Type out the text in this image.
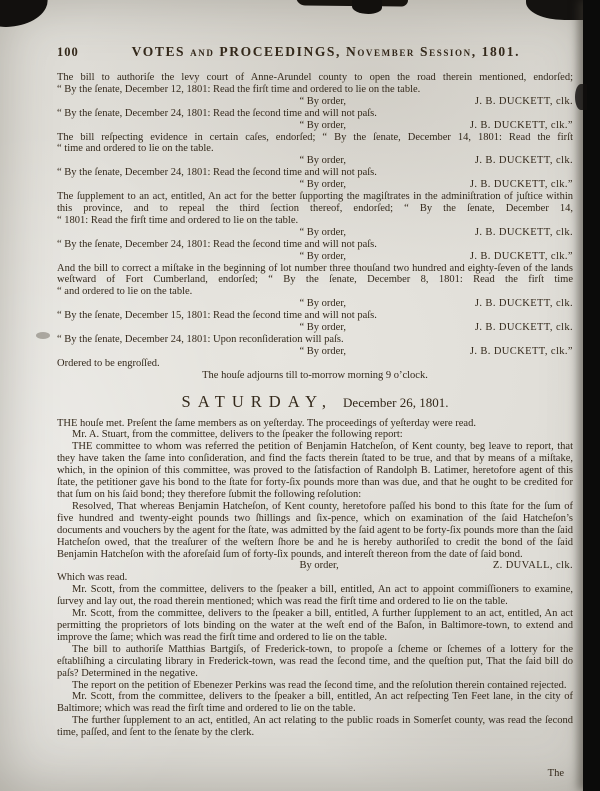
100	VOTES and PROCEEDINGS, November Seſſion, 1801.

The bill to authoriſe the levy court of Anne-Arundel county to open the road therein mentioned, endorſed;

“ By the ſenate, December 12, 1801: Read the firſt time and ordered to lie on the table.

“ By order,	J. B. DUCKETT, clk.

“ By the ſenate, December 24, 1801: Read the ſecond time and will not paſs.

“ By order,	J. B. DUCKETT, clk.”

The bill reſpecting evidence in certain caſes, endorſed; “ By the ſenate, December 14, 1801: Read the firſt

“ time and ordered to lie on the table.

“ By order,	J. B. DUCKETT, clk.

“ By the ſenate, December 24, 1801: Read the ſecond time and will not paſs.

“ By order,	J. B. DUCKETT, clk.”

The ſupplement to an act, entitled, An act for the better ſupporting the magiſtrates in the adminiſtration of juſtice within this province, and to repeal the third ſection thereof, endorſed; “ By the ſenate, December 14,

“ 1801: Read the firſt time and ordered to lie on the table.

“ By order,	J. B. DUCKETT, clk.

“ By the ſenate, December 24, 1801: Read the ſecond time and will not paſs.

“ By order,	J. B. DUCKETT, clk.”

And the bill to correct a miſtake in the beginning of lot number three thouſand two hundred and eighty-ſeven of the lands weſtward of Fort Cumberland, endorſed; “ By the ſenate, December 8, 1801: Read the firſt time

“ and ordered to lie on the table.

“ By order,	J. B. DUCKETT, clk.

“ By the ſenate, December 15, 1801: Read the ſecond time and will not paſs.

“ By order,	J. B. DUCKETT, clk.

“ By the ſenate, December 24, 1801: Upon reconſideration will paſs.

“ By order,	J. B. DUCKETT, clk.”

Ordered to be engroſſed.

The houſe adjourns till to-morrow morning 9 o’clock.

SATURDAY, December 26, 1801.

THE houſe met. Preſent the ſame members as on yeſterday. The proceedings of yeſterday were read.

Mr. A. Stuart, from the committee, delivers to the ſpeaker the following report:

THE committee to whom was referred the petition of Benjamin Hatcheſon, of Kent county, beg leave to report, that they have taken the ſame into conſideration, and find the facts therein ſtated to be true, and that by means of a miſtake, which, in the opinion of this committee, was proved to the ſatisfaction of Randolph B. Latimer, heretofore agent of this ſtate, the petitioner gave his bond to the ſtate for forty-ſix pounds more than was due, and that he ought to be credited for that ſum on his ſaid bond; they therefore ſubmit the following reſolution:

Resolved, That whereas Benjamin Hatcheſon, of Kent county, heretofore paſſed his bond to this ſtate for the ſum of five hundred and twenty-eight pounds two ſhillings and ſix-pence, which on examination of the ſaid Hatcheſon’s documents and vouchers by the agent for the ſtate, was admitted by the ſaid agent to be forty-ſix pounds more than the ſaid Hatcheſon owed, that the treaſurer of the weſtern ſhore be and he is hereby authoriſed to credit the bond of the ſaid Benjamin Hatcheſon with the aforeſaid ſum of forty-ſix pounds, and intereſt thereon from the date of ſaid bond.

By order,	Z. DUVALL, clk.

Which was read.

Mr. Scott, from the committee, delivers to the ſpeaker a bill, entitled, An act to appoint commiſſioners to examine, ſurvey and lay out, the road therein mentioned; which was read the firſt time and ordered to lie on the table.

Mr. Scott, from the committee, delivers to the ſpeaker a bill, entitled, A further ſupplement to an act, entitled, An act permitting the proprietors of lots binding on the water at the weſt end of the Baſon, in Baltimore-town, to extend and improve the ſame; which was read the firſt time and ordered to lie on the table.

The bill to authoriſe Matthias Bartgiſs, of Frederick-town, to propoſe a ſcheme or ſchemes of a lottery for the eſtabliſhing a circulating library in Frederick-town, was read the ſecond time, and the queſtion put, That the ſaid bill do paſs? Determined in the negative.

The report on the petition of Ebenezer Perkins was read the ſecond time, and the reſolution therein contained rejected.

Mr. Scott, from the committee, delivers to the ſpeaker a bill, entitled, An act reſpecting Ten Feet lane, in the city of Baltimore; which was read the firſt time and ordered to lie on the table.

The further ſupplement to an act, entitled, An act relating to the public roads in Somerſet county, was read the ſecond time, paſſed, and ſent to the ſenate by the clerk.

The
